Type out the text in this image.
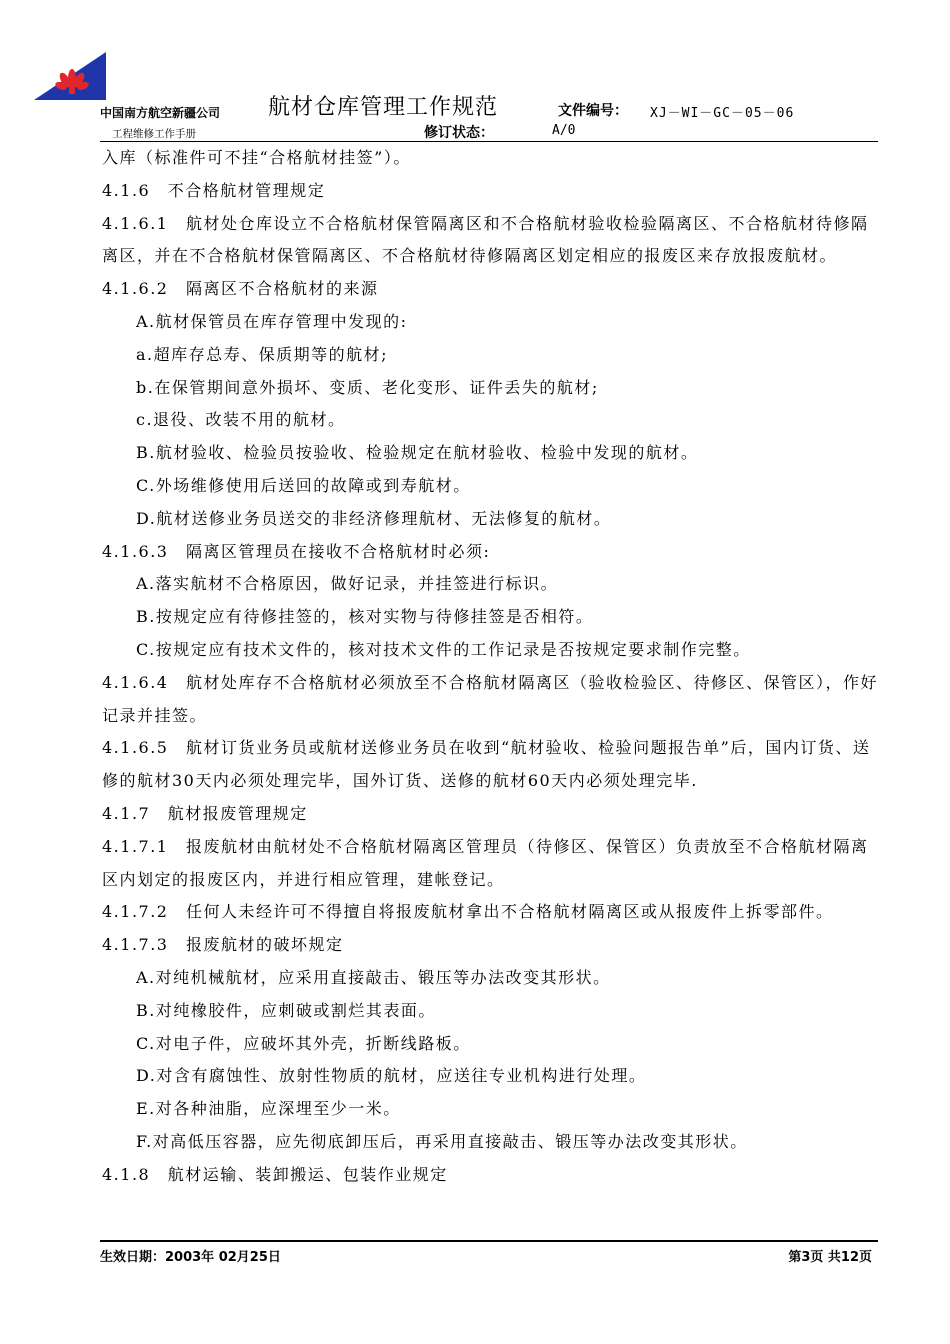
中国南方航空新疆公司
工程维修工作手册
航材仓库管理工作规范	文件编号： XJ－WI－GC－05－06
修订状态：	A/0

入库（标准件可不挂“合格航材挂签”）。

4.1.6　不合格航材管理规定

4.1.6.1　航材处仓库设立不合格航材保管隔离区和不合格航材验收检验隔离区、不合格航材待修隔离区，并在不合格航材保管隔离区、不合格航材待修隔离区划定相应的报废区来存放报废航材。

4.1.6.2　隔离区不合格航材的来源

A.航材保管员在库存管理中发现的:

a.超库存总寿、保质期等的航材;

b.在保管期间意外损坏、变质、老化变形、证件丢失的航材;

c.退役、改装不用的航材。

B.航材验收、检验员按验收、检验规定在航材验收、检验中发现的航材。

C.外场维修使用后送回的故障或到寿航材。

D.航材送修业务员送交的非经济修理航材、无法修复的航材。

4.1.6.3　隔离区管理员在接收不合格航材时必须:

A.落实航材不合格原因，做好记录，并挂签进行标识。

B.按规定应有待修挂签的，核对实物与待修挂签是否相符。

C.按规定应有技术文件的，核对技术文件的工作记录是否按规定要求制作完整。

4.1.6.4　航材处库存不合格航材必须放至不合格航材隔离区（验收检验区、待修区、保管区），作好记录并挂签。

4.1.6.5　航材订货业务员或航材送修业务员在收到“航材验收、检验问题报告单”后，国内订货、送修的航材30天内必须处理完毕，国外订货、送修的航材60天内必须处理完毕.

4.1.7　航材报废管理规定

4.1.7.1　报废航材由航材处不合格航材隔离区管理员（待修区、保管区）负责放至不合格航材隔离区内划定的报废区内，并进行相应管理，建帐登记。

4.1.7.2　任何人未经许可不得擅自将报废航材拿出不合格航材隔离区或从报废件上拆零部件。

4.1.7.3　报废航材的破坏规定

A.对纯机械航材，应采用直接敲击、锻压等办法改变其形状。

B.对纯橡胶件，应刺破或割烂其表面。

C.对电子件，应破坏其外壳，折断线路板。

D.对含有腐蚀性、放射性物质的航材，应送往专业机构进行处理。

E.对各种油脂，应深埋至少一米。

F.对高低压容器，应先彻底卸压后，再采用直接敲击、锻压等办法改变其形状。

4.1.8　航材运输、装卸搬运、包装作业规定

生效日期：2003年 02月25日	第3页 共12页
